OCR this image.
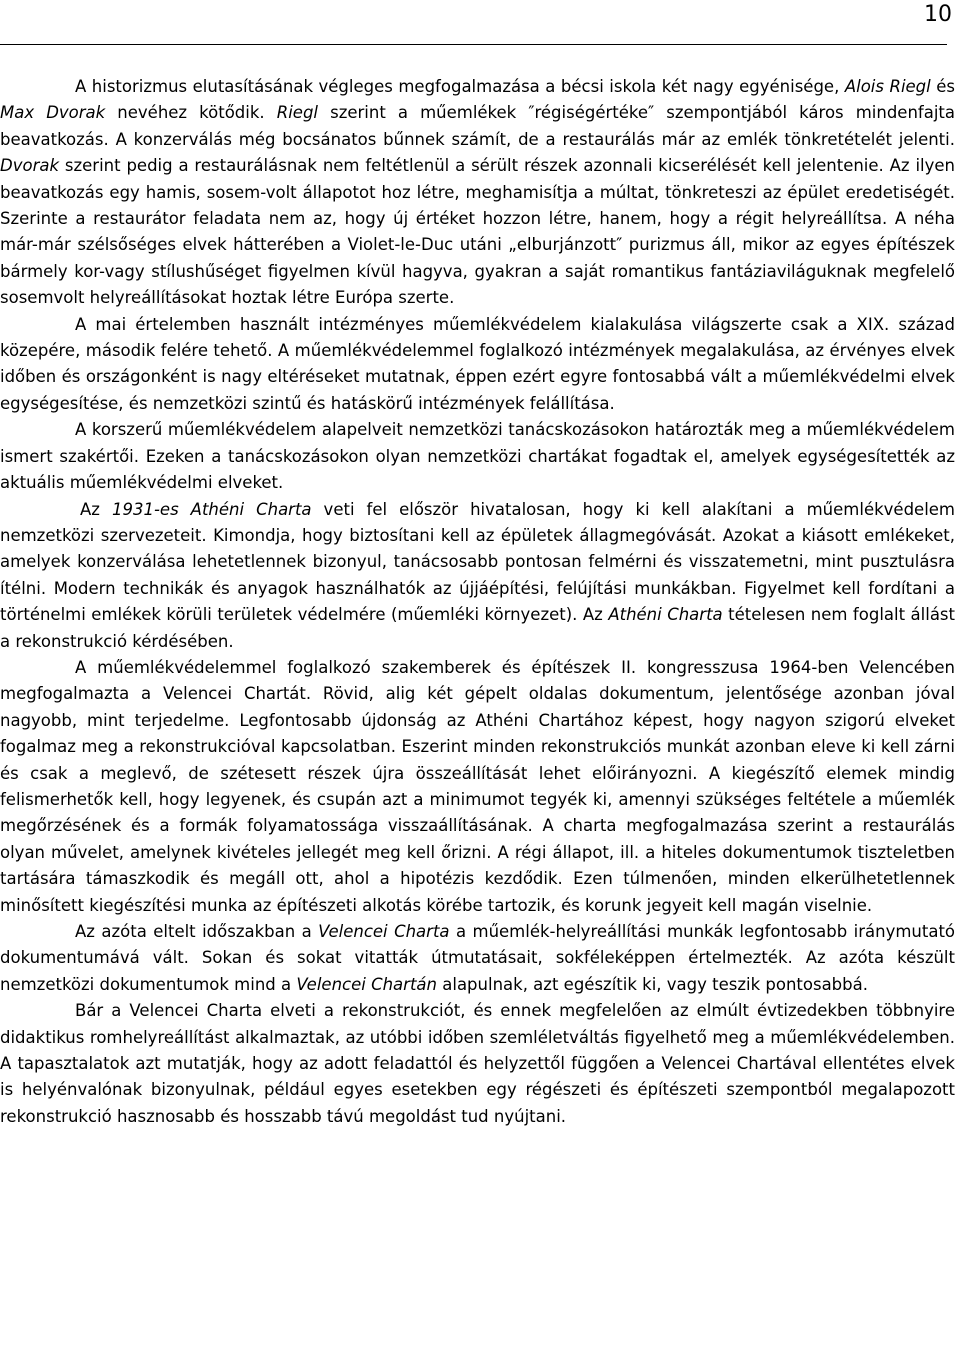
10

A historizmus elutasításának végleges megfogalmazása a bécsi iskola két nagy egyénisége, Alois Riegl és Max Dvorak nevéhez kötődik. Riegl szerint a műemlékek ″régiségértéke″ szempontjából káros mindenfajta beavatkozás. A konzerválás még bocsánatos bűnnek számít, de a restaurálás már az emlék tönkretételét jelenti. Dvorak szerint pedig a restaurálásnak nem feltétlenül a sérült részek azonnali kicserélését kell jelentenie. Az ilyen beavatkozás egy hamis, sosem-volt állapotot hoz létre, meghamisítja a múltat, tönkreteszi az épület eredetiségét. Szerinte a restaurátor feladata nem az, hogy új értéket hozzon létre, hanem, hogy a régit helyreállítsa. A néha már-már szélsőséges elvek hátterében a Violet-le-Duc utáni „elburjánzott″ purizmus áll, mikor az egyes építészek bármely kor-vagy stílushűséget figyelmen kívül hagyva, gyakran a saját romantikus fantáziaviláguknak megfelelő sosemvolt helyreállításokat hoztak létre Európa szerte.

A mai értelemben használt intézményes műemlékvédelem kialakulása világszerte csak a XIX. század közepére, második felére tehető. A műemlékvédelemmel foglalkozó intézmények megalakulása, az érvényes elvek időben és országonként is nagy eltéréseket mutatnak, éppen ezért egyre fontosabbá vált a műemlékvédelmi elvek egységesítése, és nemzetközi szintű és hatáskörű intézmények felállítása.

A korszerű műemlékvédelem alapelveit nemzetközi tanácskozásokon határozták meg a műemlékvédelem ismert szakértői. Ezeken a tanácskozásokon olyan nemzetközi chartákat fogadtak el, amelyek egységesítették az aktuális műemlékvédelmi elveket.

Az 1931-es Athéni Charta veti fel először hivatalosan, hogy ki kell alakítani a műemlékvédelem nemzetközi szervezeteit. Kimondja, hogy biztosítani kell az épületek állagmegóvását. Azokat a kiásott emlékeket, amelyek konzerválása lehetetlennek bizonyul, tanácsosabb pontosan felmérni és visszatemetni, mint pusztulásra ítélni. Modern technikák és anyagok használhatók az újjáépítési, felújítási munkákban. Figyelmet kell fordítani a történelmi emlékek körüli területek védelmére (műemléki környezet). Az Athéni Charta tételesen nem foglalt állást a rekonstrukció kérdésében.

A műemlékvédelemmel foglalkozó szakemberek és építészek II. kongresszusa 1964-ben Velencében megfogalmazta a Velencei Chartát. Rövid, alig két gépelt oldalas dokumentum, jelentősége azonban jóval nagyobb, mint terjedelme. Legfontosabb újdonság az Athéni Chartához képest, hogy nagyon szigorú elveket fogalmaz meg a rekonstrukcióval kapcsolatban. Eszerint minden rekonstrukciós munkát azonban eleve ki kell zárni és csak a meglevő, de szétesett részek újra összeállítását lehet előirányozni. A kiegészítő elemek mindig felismerhetők kell, hogy legyenek, és csupán azt a minimumot tegyék ki, amennyi szükséges feltétele a műemlék megőrzésének és a formák folyamatossága visszaállításának. A charta megfogalmazása szerint a restaurálás olyan művelet, amelynek kivételes jellegét meg kell őrizni. A régi állapot, ill. a hiteles dokumentumok tiszteletben tartására támaszkodik és megáll ott, ahol a hipotézis kezdődik. Ezen túlmenően, minden elkerülhetetlennek minősített kiegészítési munka az építészeti alkotás körébe tartozik, és korunk jegyeit kell magán viselnie.

Az azóta eltelt időszakban a Velencei Charta a műemlék-helyreállítási munkák legfontosabb iránymutató dokumentumává vált. Sokan és sokat vitatták útmutatásait, sokféleképpen értelmezték. Az azóta készült nemzetközi dokumentumok mind a Velencei Chartán alapulnak, azt egészítik ki, vagy teszik pontosabbá.

Bár a Velencei Charta elveti a rekonstrukciót, és ennek megfelelően az elmúlt évtizedekben többnyire didaktikus romhelyreállítást alkalmaztak, az utóbbi időben szemléletváltás figyelhető meg a műemlékvédelemben. A tapasztalatok azt mutatják, hogy az adott feladattól és helyzettől függően a Velencei Chartával ellentétes elvek is helyénvalónak bizonyulnak, például egyes esetekben egy régészeti és építészeti szempontból megalapozott rekonstrukció hasznosabb és hosszabb távú megoldást tud nyújtani.
